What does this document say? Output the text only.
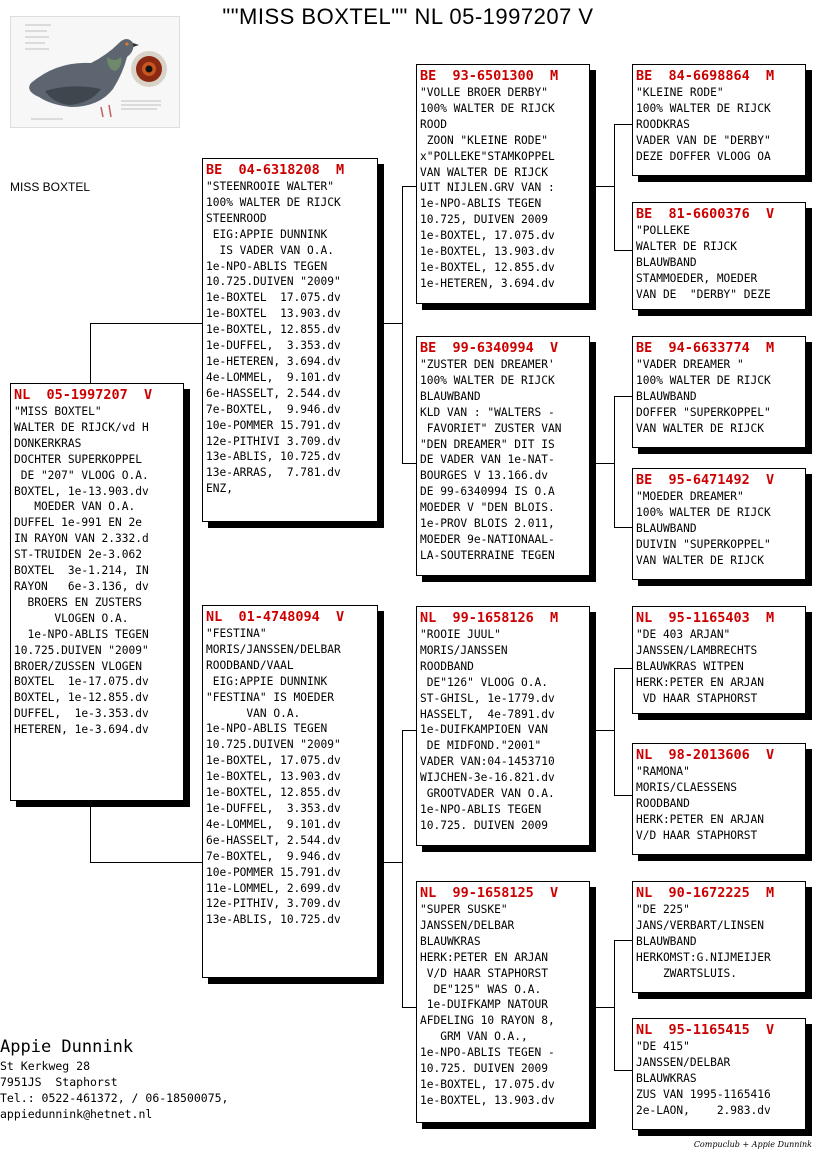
""MISS BOXTEL"" NL 05-1997207 V
MISS BOXTEL
NL  05-1997207  V
"MISS BOXTEL"
WALTER DE RIJCK/vd H
DONKERKRAS
DOCHTER SUPERKOPPEL
DE "207" VLOOG O.A.
BOXTEL, 1e-13.903.dv
MOEDER VAN O.A.
DUFFEL 1e-991 EN 2e
IN RAYON VAN 2.332.d
ST-TRUIDEN 2e-3.062
BOXTEL  3e-1.214, IN
RAYON   6e-3.136, dv
BROERS EN ZUSTERS
VLOGEN O.A.
1e-NPO-ABLIS TEGEN
10.725.DUIVEN "2009"
BROER/ZUSSEN VLOGEN
BOXTEL  1e-17.075.dv
BOXTEL, 1e-12.855.dv
DUFFEL,  1e-3.353.dv
HETEREN, 1e-3.694.dv
BE  04-6318208  M
"STEENROOIE WALTER"
100% WALTER DE RIJCK
STEENROOD
EIG:APPIE DUNNINK
IS VADER VAN O.A.
1e-NPO-ABLIS TEGEN
10.725.DUIVEN "2009"
1e-BOXTEL  17.075.dv
1e-BOXTEL  13.903.dv
1e-BOXTEL, 12.855.dv
1e-DUFFEL,  3.353.dv
1e-HETEREN, 3.694.dv
4e-LOMMEL,  9.101.dv
6e-HASSELT, 2.544.dv
7e-BOXTEL,  9.946.dv
10e-POMMER 15.791.dv
12e-PITHIVI 3.709.dv
13e-ABLIS, 10.725.dv
13e-ARRAS,  7.781.dv
ENZ,
NL  01-4748094  V
"FESTINA"
MORIS/JANSSEN/DELBAR
ROODBAND/VAAL
EIG:APPIE DUNNINK
"FESTINA" IS MOEDER
VAN O.A.
1e-NPO-ABLIS TEGEN
10.725.DUIVEN "2009"
1e-BOXTEL, 17.075.dv
1e-BOXTEL, 13.903.dv
1e-BOXTEL, 12.855.dv
1e-DUFFEL,  3.353.dv
4e-LOMMEL,  9.101.dv
6e-HASSELT, 2.544.dv
7e-BOXTEL,  9.946.dv
10e-POMMER 15.791.dv
11e-LOMMEL, 2.699.dv
12e-PITHIV, 3.709.dv
13e-ABLIS, 10.725.dv
BE  93-6501300  M
"VOLLE BROER DERBY"
100% WALTER DE RIJCK
ROOD
ZOON "KLEINE RODE"
x"POLLEKE"STAMKOPPEL
VAN WALTER DE RIJCK
UIT NIJLEN.GRV VAN :
1e-NPO-ABLIS TEGEN
10.725, DUIVEN 2009
1e-BOXTEL, 17.075.dv
1e-BOXTEL, 13.903.dv
1e-BOXTEL, 12.855.dv
1e-HETEREN, 3.694.dv
BE  99-6340994  V
"ZUSTER DEN DREAMER'
100% WALTER DE RIJCK
BLAUWBAND
KLD VAN : "WALTERS -
FAVORIET" ZUSTER VAN
"DEN DREAMER" DIT IS
DE VADER VAN 1e-NAT-
BOURGES V 13.166.dv
DE 99-6340994 IS O.A
MOEDER V "DEN BLOIS.
1e-PROV BLOIS 2.011,
MOEDER 9e-NATIONAAL-
LA-SOUTERRAINE TEGEN
NL  99-1658126  M
"ROOIE JUUL"
MORIS/JANSSEN
ROODBAND
DE"126" VLOOG O.A.
ST-GHISL, 1e-1779.dv
HASSELT,  4e-7891.dv
1e-DUIFKAMPIOEN VAN
DE MIDFOND."2001"
VADER VAN:04-1453710
WIJCHEN-3e-16.821.dv
GROOTVADER VAN O.A.
1e-NPO-ABLIS TEGEN
10.725. DUIVEN 2009
NL  99-1658125  V
"SUPER SUSKE"
JANSSEN/DELBAR
BLAUWKRAS
HERK:PETER EN ARJAN
V/D HAAR STAPHORST
DE"125" WAS O.A.
1e-DUIFKAMP NATOUR
AFDELING 10 RAYON 8,
GRM VAN O.A.,
1e-NPO-ABLIS TEGEN -
10.725. DUIVEN 2009
1e-BOXTEL, 17.075.dv
1e-BOXTEL, 13.903.dv
BE  84-6698864  M
"KLEINE RODE"
100% WALTER DE RIJCK
ROODKRAS
VADER VAN DE "DERBY"
DEZE DOFFER VLOOG OA
BE  81-6600376  V
"POLLEKE
WALTER DE RIJCK
BLAUWBAND
STAMMOEDER, MOEDER
VAN DE  "DERBY" DEZE
BE  94-6633774  M
"VADER DREAMER "
100% WALTER DE RIJCK
BLAUWBAND
DOFFER "SUPERKOPPEL"
VAN WALTER DE RIJCK
BE  95-6471492  V
"MOEDER DREAMER"
100% WALTER DE RIJCK
BLAUWBAND
DUIVIN "SUPERKOPPEL"
VAN WALTER DE RIJCK
NL  95-1165403  M
"DE 403 ARJAN"
JANSSEN/LAMBRECHTS
BLAUWKRAS WITPEN
HERK:PETER EN ARJAN
VD HAAR STAPHORST
NL  98-2013606  V
"RAMONA"
MORIS/CLAESSENS
ROODBAND
HERK:PETER EN ARJAN
V/D HAAR STAPHORST
NL  90-1672225  M
"DE 225"
JANS/VERBART/LINSEN
BLAUWBAND
HERKOMST:G.NIJMEIJER
ZWARTSLUIS.
NL  95-1165415  V
"DE 415"
JANSSEN/DELBAR
BLAUWKRAS
ZUS VAN 1995-1165416
2e-LAON,    2.983.dv
Appie Dunnink
St Kerkweg 28
7951JS  Staphorst
Tel.: 0522-461372, / 06-18500075,
appiedunnink@hetnet.nl
Compuclub + Appie Dunnink
